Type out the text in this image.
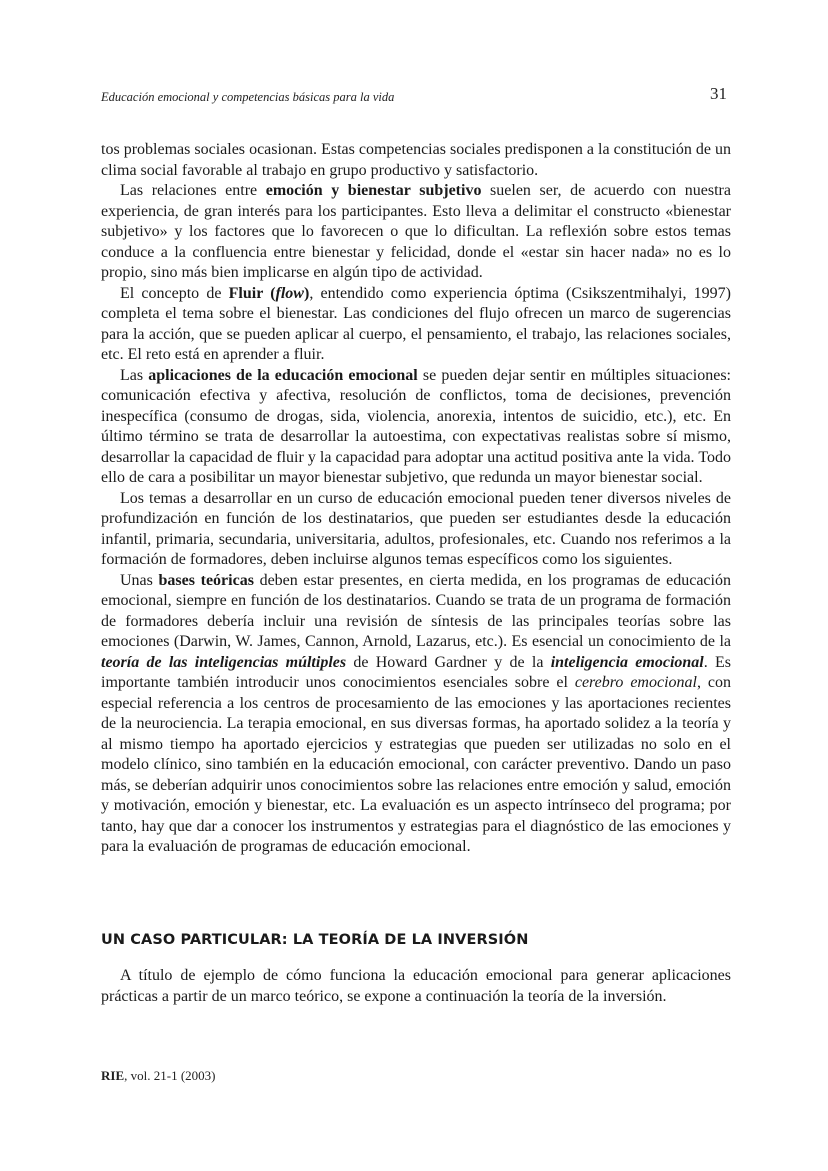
Educación emocional y competencias básicas para la vida	31

tos problemas sociales ocasionan. Estas competencias sociales predisponen a la constitución de un clima social favorable al trabajo en grupo productivo y satisfactorio.

Las relaciones entre emoción y bienestar subjetivo suelen ser, de acuerdo con nuestra experiencia, de gran interés para los participantes. Esto lleva a delimitar el constructo «bienestar subjetivo» y los factores que lo favorecen o que lo dificultan. La reflexión sobre estos temas conduce a la confluencia entre bienestar y felicidad, donde el «estar sin hacer nada» no es lo propio, sino más bien implicarse en algún tipo de actividad.

El concepto de Fluir (flow), entendido como experiencia óptima (Csikszentmihalyi, 1997) completa el tema sobre el bienestar. Las condiciones del flujo ofrecen un marco de sugerencias para la acción, que se pueden aplicar al cuerpo, el pensamiento, el trabajo, las relaciones sociales, etc. El reto está en aprender a fluir.

Las aplicaciones de la educación emocional se pueden dejar sentir en múltiples situaciones: comunicación efectiva y afectiva, resolución de conflictos, toma de decisiones, prevención inespecífica (consumo de drogas, sida, violencia, anorexia, intentos de suicidio, etc.), etc. En último término se trata de desarrollar la autoestima, con expectativas realistas sobre sí mismo, desarrollar la capacidad de fluir y la capacidad para adoptar una actitud positiva ante la vida. Todo ello de cara a posibilitar un mayor bienestar subjetivo, que redunda un mayor bienestar social.

Los temas a desarrollar en un curso de educación emocional pueden tener diversos niveles de profundización en función de los destinatarios, que pueden ser estudiantes desde la educación infantil, primaria, secundaria, universitaria, adultos, profesionales, etc. Cuando nos referimos a la formación de formadores, deben incluirse algunos temas específicos como los siguientes.

Unas bases teóricas deben estar presentes, en cierta medida, en los programas de educación emocional, siempre en función de los destinatarios. Cuando se trata de un programa de formación de formadores debería incluir una revisión de síntesis de las principales teorías sobre las emociones (Darwin, W. James, Cannon, Arnold, Lazarus, etc.). Es esencial un conocimiento de la teoría de las inteligencias múltiples de Howard Gardner y de la inteligencia emocional. Es importante también introducir unos conocimientos esenciales sobre el cerebro emocional, con especial referencia a los centros de procesamiento de las emociones y las aportaciones recientes de la neurociencia. La terapia emocional, en sus diversas formas, ha aportado solidez a la teoría y al mismo tiempo ha aportado ejercicios y estrategias que pueden ser utilizadas no solo en el modelo clínico, sino también en la educación emocional, con carácter preventivo. Dando un paso más, se deberían adquirir unos conocimientos sobre las relaciones entre emoción y salud, emoción y motivación, emoción y bienestar, etc. La evaluación es un aspecto intrínseco del programa; por tanto, hay que dar a conocer los instrumentos y estrategias para el diagnóstico de las emociones y para la evaluación de programas de educación emocional.

UN CASO PARTICULAR: LA TEORÍA DE LA INVERSIÓN

A título de ejemplo de cómo funciona la educación emocional para generar aplicaciones prácticas a partir de un marco teórico, se expone a continuación la teoría de la inversión.

RIE, vol. 21-1 (2003)
